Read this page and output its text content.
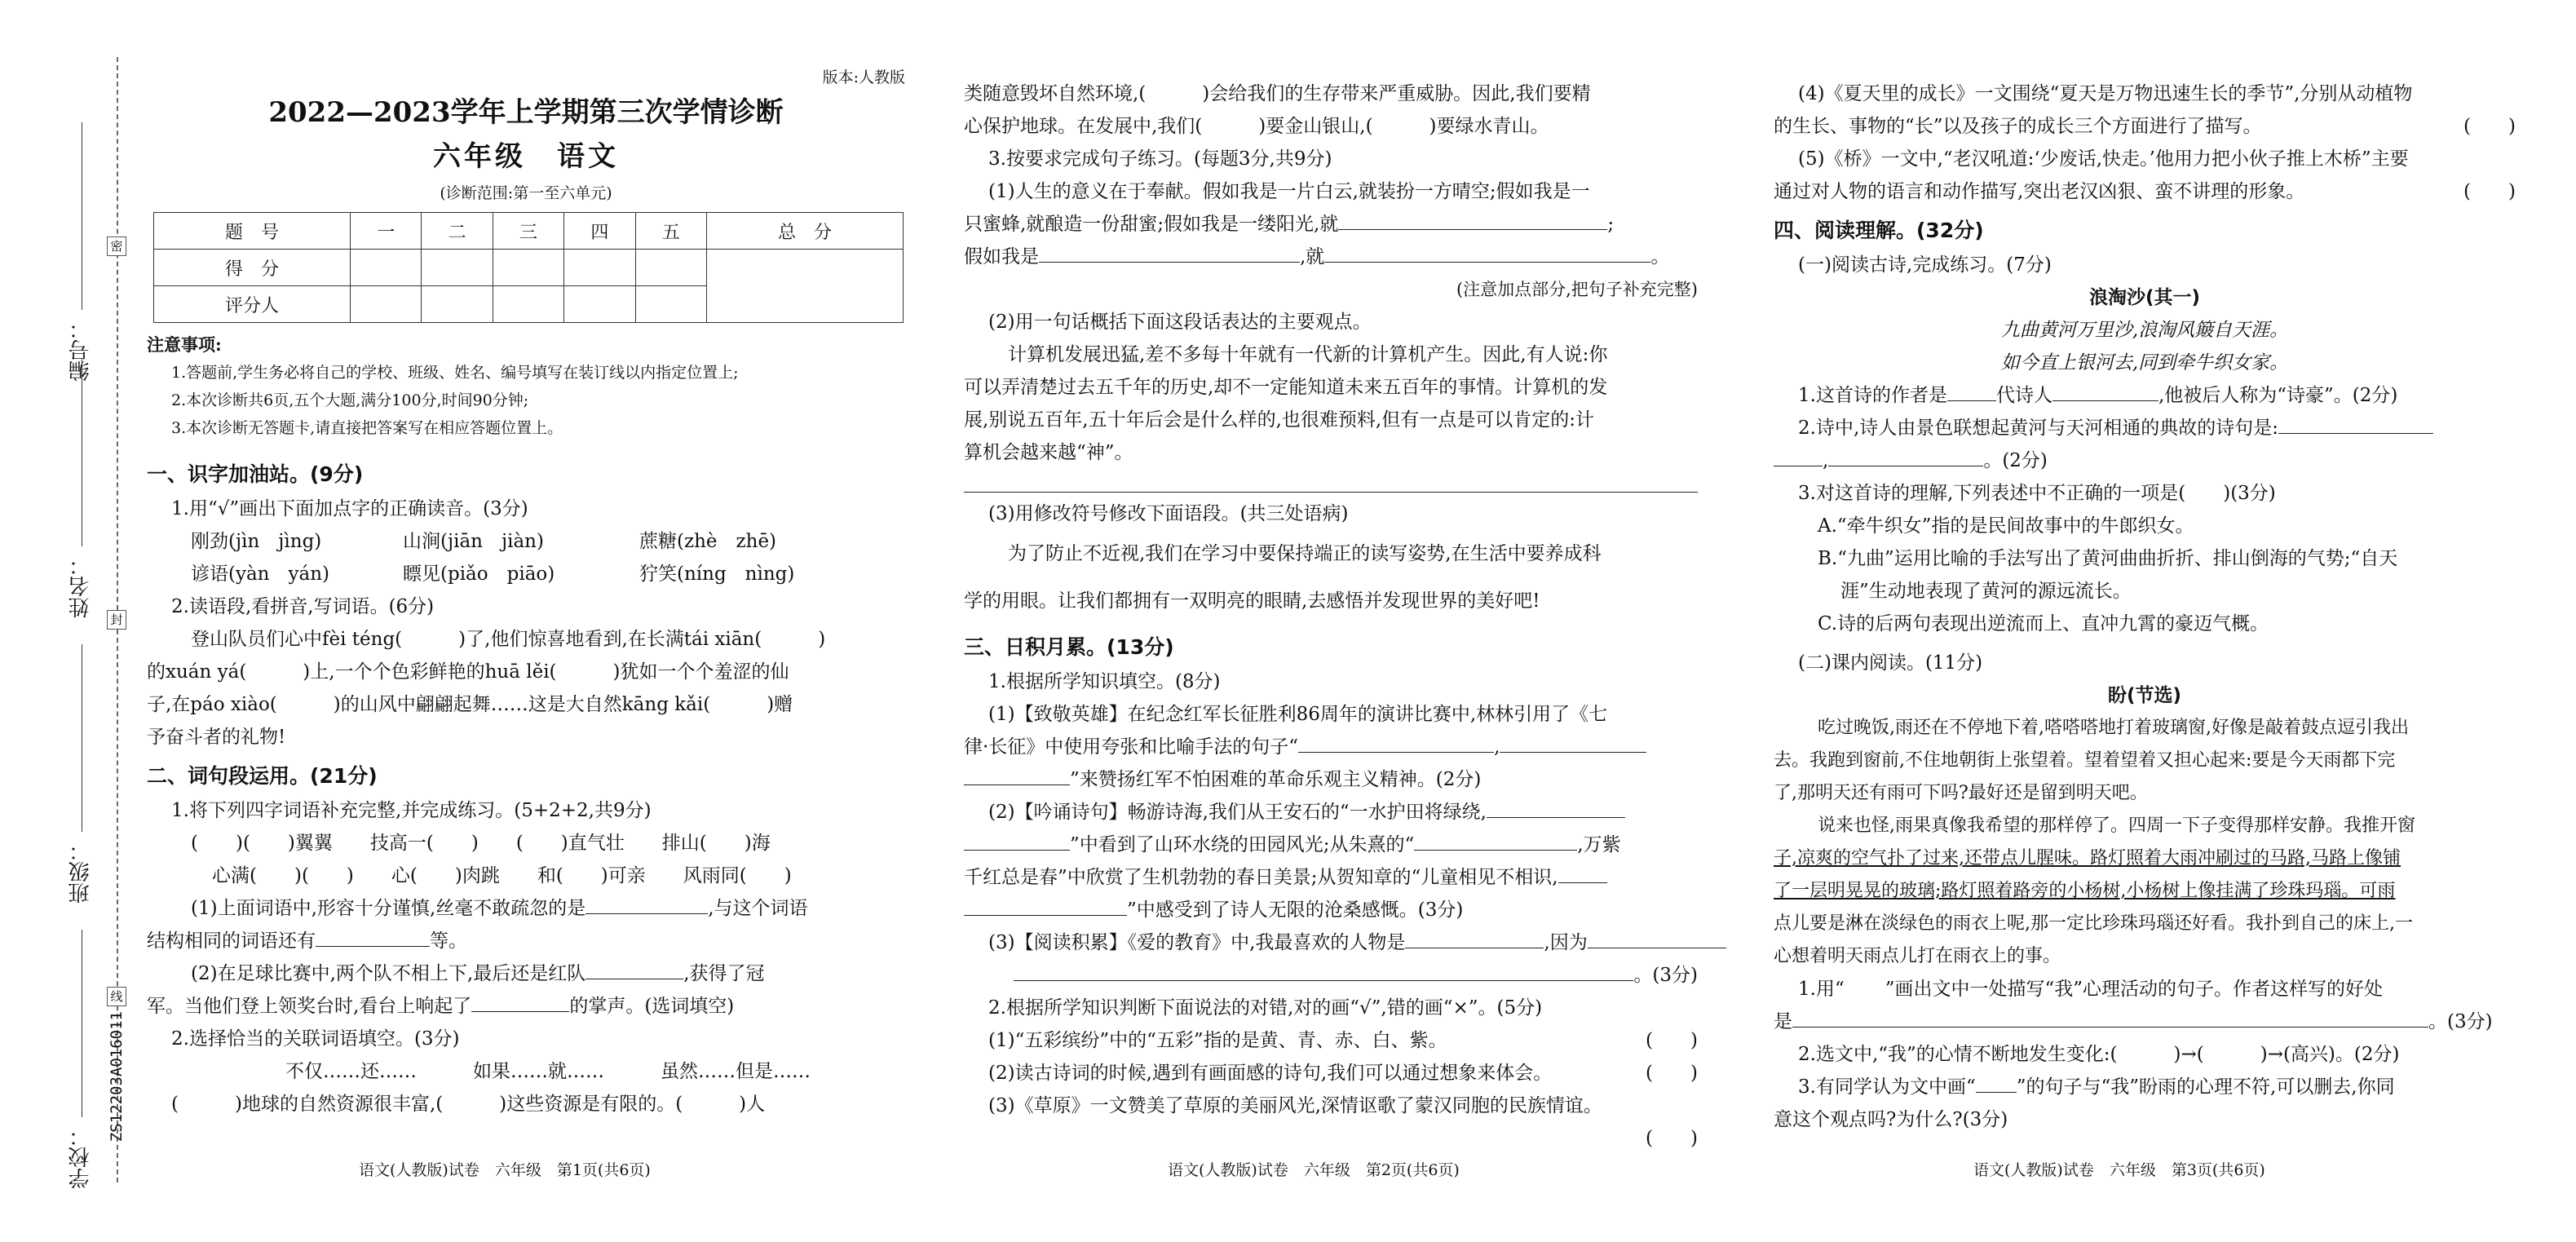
密
封
线
ZS12203A016011
编号：
姓名：
班级：
学校：

版本:人教版

2022—2023学年上学期第三次学情诊断

六年级　语文

(诊断范围:第一至六单元)

题　号	一	二	三	四	五	总　分
得　分						
评分人						

注意事项:

1.答题前,学生务必将自己的学校、班级、姓名、编号填写在装订线以内指定位置上;

2.本次诊断共6页,五个大题,满分100分,时间90分钟;

3.本次诊断无答题卡,请直接把答案写在相应答题位置上。

一、识字加油站。(9分)

1.用“√”画出下面加点字的正确读音。(3分)

刚劲(jìn　jìng)	山涧(jiān　jiàn)	蔗糖(zhè　zhē)
谚语(yàn　yán)	瞟见(piǎo　piāo)	狞笑(níng　nìng)

2.读语段,看拼音,写词语。(6分)

登山队员们心中fèi téng(　　　)了,他们惊喜地看到,在长满tái xiān(　　　)

的xuán yá(　　　)上,一个个色彩鲜艳的huā lěi(　　　)犹如一个个羞涩的仙

子,在páo xiào(　　　)的山风中翩翩起舞……这是大自然kāng kǎi(　　　)赠

予奋斗者的礼物!

二、词句段运用。(21分)

1.将下列四字词语补充完整,并完成练习。(5+2+2,共9分)

(　　)(　　)翼翼　　技高一(　　)　　(　　)直气壮　　排山(　　)海

心满(　　)(　　)　　心(　　)肉跳　　和(　　)可亲　　风雨同(　　)

(1)上面词语中,形容十分谨慎,丝毫不敢疏忽的是	,与这个词语

结构相同的词语还有	等。

(2)在足球比赛中,两个队不相上下,最后还是红队	,获得了冠

军。当他们登上领奖台时,看台上响起了	的掌声。(选词填空)

2.选择恰当的关联词语填空。(3分)

不仅……还……　　　如果……就……　　　虽然……但是……

(　　　)地球的自然资源很丰富,(　　　)这些资源是有限的。(　　　)人

语文(人教版)试卷　六年级　第1页(共6页)

类随意毁坏自然环境,(　　　)会给我们的生存带来严重威胁。因此,我们要精

心保护地球。在发展中,我们(　　　)要金山银山,(　　　)要绿水青山。

3.按要求完成句子练习。(每题3分,共9分)

(1)人生的意义在于奉献。假如我是一片白云,就装扮一方晴空;假如我是一

只蜜蜂,就酿造一份甜蜜;假如我是一缕阳光,就	;

假如我是	,就	。

(注意加点部分,把句子补充完整)

(2)用一句话概括下面这段话表达的主要观点。

计算机发展迅猛,差不多每十年就有一代新的计算机产生。因此,有人说:你

可以弄清楚过去五千年的历史,却不一定能知道未来五百年的事情。计算机的发

展,别说五百年,五十年后会是什么样的,也很难预料,但有一点是可以肯定的:计

算机会越来越“神”。

(3)用修改符号修改下面语段。(共三处语病)

为了防止不近视,我们在学习中要保持端正的读写姿势,在生活中要养成科

学的用眼。让我们都拥有一双明亮的眼睛,去感悟并发现世界的美好吧!

三、日积月累。(13分)

1.根据所学知识填空。(8分)

(1)【致敬英雄】在纪念红军长征胜利86周年的演讲比赛中,林林引用了《七

律·长征》中使用夸张和比喻手法的句子“	,

”来赞扬红军不怕困难的革命乐观主义精神。(2分)

(2)【吟诵诗句】畅游诗海,我们从王安石的“一水护田将绿绕,

”中看到了山环水绕的田园风光;从朱熹的“	,万紫

千红总是春”中欣赏了生机勃勃的春日美景;从贺知章的“儿童相见不相识,

”中感受到了诗人无限的沧桑感慨。(3分)

(3)【阅读积累】《爱的教育》中,我最喜欢的人物是	,因为

。(3分)

2.根据所学知识判断下面说法的对错,对的画“√”,错的画“×”。(5分)

(1)“五彩缤纷”中的“五彩”指的是黄、青、赤、白、紫。	(　　)
(2)读古诗词的时候,遇到有画面感的诗句,我们可以通过想象来体会。	(　　)

(3)《草原》一文赞美了草原的美丽风光,深情讴歌了蒙汉同胞的民族情谊。

(　　)

语文(人教版)试卷　六年级　第2页(共6页)

(4)《夏天里的成长》一文围绕“夏天是万物迅速生长的季节”,分别从动植物

的生长、事物的“长”以及孩子的成长三个方面进行了描写。	(　　)

(5)《桥》一文中,“老汉吼道:‘少废话,快走。’他用力把小伙子推上木桥”主要

通过对人物的语言和动作描写,突出老汉凶狠、蛮不讲理的形象。	(　　)

四、阅读理解。(32分)

(一)阅读古诗,完成练习。(7分)

浪淘沙(其一)

九曲黄河万里沙,浪淘风簸自天涯。

如今直上银河去,同到牵牛织女家。

1.这首诗的作者是	代诗人	,他被后人称为“诗豪”。(2分)

2.诗中,诗人由景色联想起黄河与天河相通的典故的诗句是:

,	。(2分)

3.对这首诗的理解,下列表述中不正确的一项是(　　)(3分)

A.“牵牛织女”指的是民间故事中的牛郎织女。

B.“九曲”运用比喻的手法写出了黄河曲曲折折、排山倒海的气势;“自天

涯”生动地表现了黄河的源远流长。

C.诗的后两句表现出逆流而上、直冲九霄的豪迈气概。

(二)课内阅读。(11分)

盼(节选)

吃过晚饭,雨还在不停地下着,嗒嗒嗒地打着玻璃窗,好像是敲着鼓点逗引我出

去。我跑到窗前,不住地朝街上张望着。望着望着又担心起来:要是今天雨都下完

了,那明天还有雨可下吗?最好还是留到明天吧。

说来也怪,雨果真像我希望的那样停了。四周一下子变得那样安静。我推开窗

子,凉爽的空气扑了过来,还带点儿腥味。路灯照着大雨冲刷过的马路,马路上像铺

了一层明晃晃的玻璃;路灯照着路旁的小杨树,小杨树上像挂满了珍珠玛瑙。可雨

点儿要是淋在淡绿色的雨衣上呢,那一定比珍珠玛瑙还好看。我扑到自己的床上,一

心想着明天雨点儿打在雨衣上的事。

1.用“ ”画出文中一处描写“我”心理活动的句子。作者这样写的好处

是	。(3分)

2.选文中,“我”的心情不断地发生变化:(　　　)→(　　　)→(高兴)。(2分)

3.有同学认为文中画“ ”的句子与“我”盼雨的心理不符,可以删去,你同

意这个观点吗?为什么?(3分)

语文(人教版)试卷　六年级　第3页(共6页)
